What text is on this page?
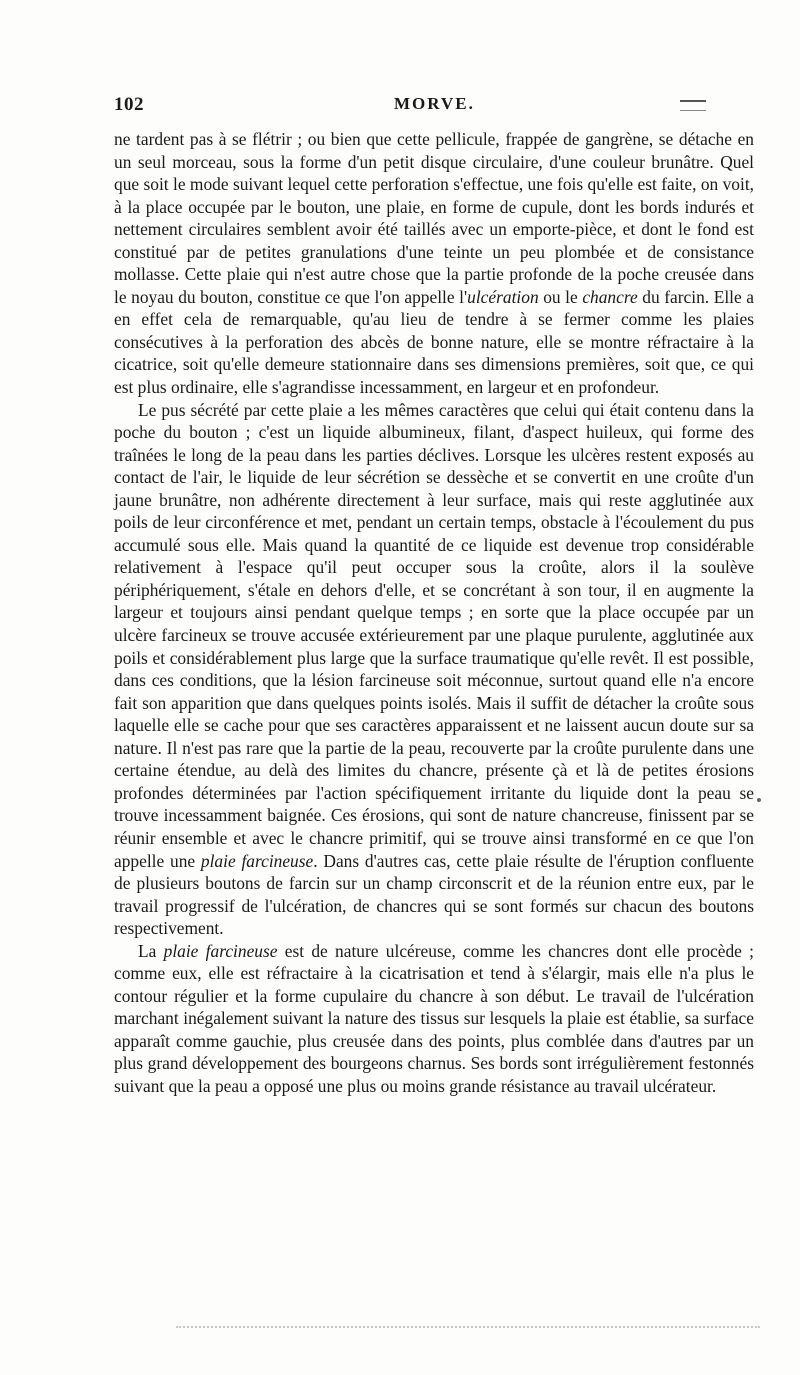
102	MORVE.

ne tardent pas à se flétrir ; ou bien que cette pellicule, frappée de gangrène, se détache en un seul morceau, sous la forme d'un petit disque circulaire, d'une couleur brunâtre. Quel que soit le mode suivant lequel cette perforation s'effectue, une fois qu'elle est faite, on voit, à la place occupée par le bouton, une plaie, en forme de cupule, dont les bords indurés et nettement circulaires semblent avoir été taillés avec un emporte-pièce, et dont le fond est constitué par de petites granulations d'une teinte un peu plombée et de consistance mollasse. Cette plaie qui n'est autre chose que la partie profonde de la poche creusée dans le noyau du bouton, constitue ce que l'on appelle l'ulcération ou le chancre du farcin. Elle a en effet cela de remarquable, qu'au lieu de tendre à se fermer comme les plaies consécutives à la perforation des abcès de bonne nature, elle se montre réfractaire à la cicatrice, soit qu'elle demeure stationnaire dans ses dimensions premières, soit que, ce qui est plus ordinaire, elle s'agrandisse incessamment, en largeur et en profondeur.

Le pus sécrété par cette plaie a les mêmes caractères que celui qui était contenu dans la poche du bouton ; c'est un liquide albumineux, filant, d'aspect huileux, qui forme des traînées le long de la peau dans les parties déclives. Lorsque les ulcères restent exposés au contact de l'air, le liquide de leur sécrétion se dessèche et se convertit en une croûte d'un jaune brunâtre, non adhérente directement à leur surface, mais qui reste agglutinée aux poils de leur circonférence et met, pendant un certain temps, obstacle à l'écoulement du pus accumulé sous elle. Mais quand la quantité de ce liquide est devenue trop considérable relativement à l'espace qu'il peut occuper sous la croûte, alors il la soulève périphériquement, s'étale en dehors d'elle, et se concrétant à son tour, il en augmente la largeur et toujours ainsi pendant quelque temps ; en sorte que la place occupée par un ulcère farcineux se trouve accusée extérieurement par une plaque purulente, agglutinée aux poils et considérablement plus large que la surface traumatique qu'elle revêt. Il est possible, dans ces conditions, que la lésion farcineuse soit méconnue, surtout quand elle n'a encore fait son apparition que dans quelques points isolés. Mais il suffit de détacher la croûte sous laquelle elle se cache pour que ses caractères apparaissent et ne laissent aucun doute sur sa nature. Il n'est pas rare que la partie de la peau, recouverte par la croûte purulente dans une certaine étendue, au delà des limites du chancre, présente çà et là de petites érosions profondes déterminées par l'action spécifiquement irritante du liquide dont la peau se trouve incessamment baignée. Ces érosions, qui sont de nature chancreuse, finissent par se réunir ensemble et avec le chancre primitif, qui se trouve ainsi transformé en ce que l'on appelle une plaie farcineuse. Dans d'autres cas, cette plaie résulte de l'éruption confluente de plusieurs boutons de farcin sur un champ circonscrit et de la réunion entre eux, par le travail progressif de l'ulcération, de chancres qui se sont formés sur chacun des boutons respectivement.

La plaie farcineuse est de nature ulcéreuse, comme les chancres dont elle procède ; comme eux, elle est réfractaire à la cicatrisation et tend à s'élargir, mais elle n'a plus le contour régulier et la forme cupulaire du chancre à son début. Le travail de l'ulcération marchant inégalement suivant la nature des tissus sur lesquels la plaie est établie, sa surface apparaît comme gauchie, plus creusée dans des points, plus comblée dans d'autres par un plus grand développement des bourgeons charnus. Ses bords sont irrégulièrement festonnés suivant que la peau a opposé une plus ou moins grande résistance au travail ulcérateur.
